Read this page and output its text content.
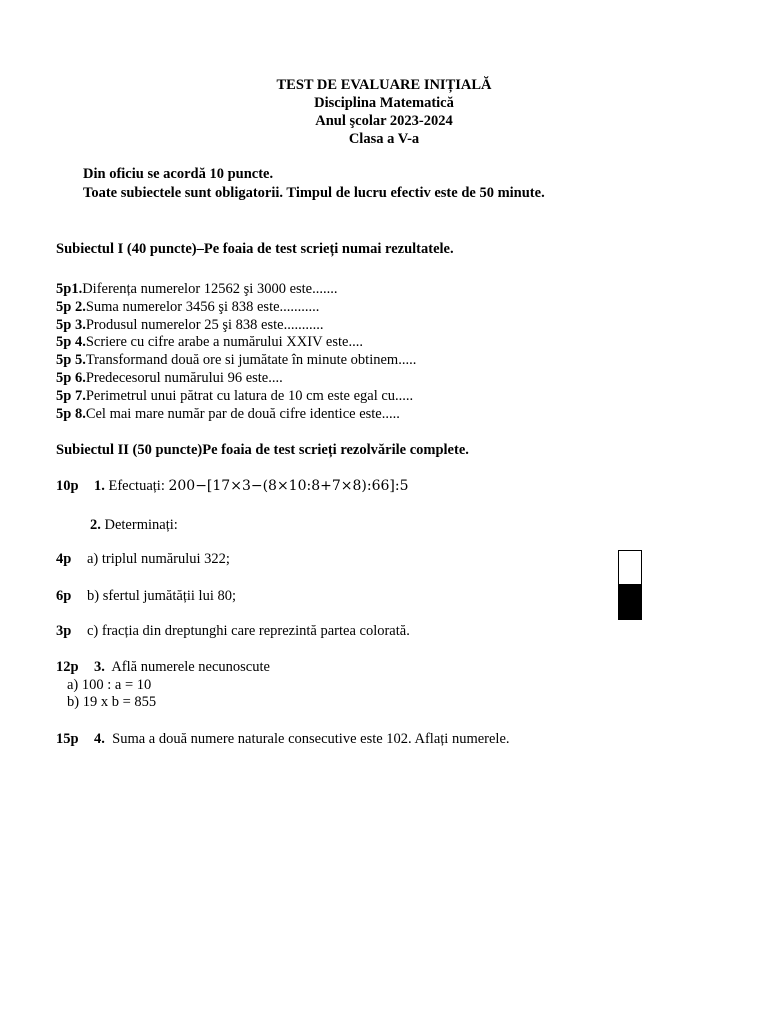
TEST DE EVALUARE INIȚIALĂ
Disciplina Matematică
Anul şcolar 2023-2024
Clasa a V-a
Din oficiu se acordă 10 puncte.
Toate subiectele sunt obligatorii. Timpul de lucru efectiv este de 50 minute.
Subiectul I (40 puncte)–Pe foaia de test scrieți numai rezultatele.
5p1.Diferența numerelor 12562 şi 3000 este.......
5p 2.Suma numerelor 3456 şi 838 este...........
5p 3.Produsul numerelor 25 şi 838 este...........
5p 4.Scriere cu cifre arabe a numărului XXIV este....
5p 5.Transformand două ore si jumătate în minute obtinem.....
5p 6.Predecesorul numărului 96 este....
5p 7.Perimetrul unui pătrat cu latura de 10 cm este egal cu.....
5p 8.Cel mai mare număr par de două cifre identice este.....
Subiectul II (50 puncte)Pe foaia de test scrieți rezolvările complete.
10p 1. Efectuați: 200−[17×3−(8×10:8+7×8):66]:5
2. Determinați:
4p a) triplul numărului 322;
6p b) sfertul jumătății lui 80;
3p c) fracția din dreptunghi care reprezintă partea colorată.
12p 3. Află numerele necunoscute
a) 100 : a = 10
b) 19 x b = 855
15p 4. Suma a două numere naturale consecutive este 102. Aflați numerele.
